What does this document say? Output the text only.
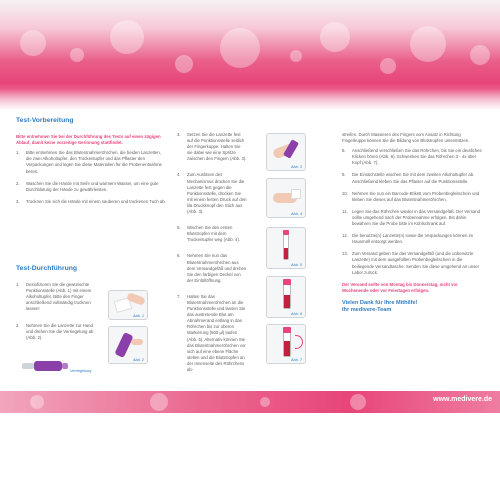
Test-Vorbereitung

Bitte entnehmen Sie bei der Durchführung des Tests auf einen zügigen Ablauf, damit keine vorzeitige Gerinnung stattfindet.

1. Bitte entnehmen Sie das Blutentnahmeröhrchen, die beiden Lanzetten, die zwei Alkoholtupfer, den Trockentupfer und das Pflaster den Verpackungen und legen Sie diese Materialien für die Probenentnahme bereit.
2. Waschen Sie die Hände mit Seife und warmem Wasser, um eine gute Durchblutung der Hände zu gewährleisten.
3. Trocknen Sie sich die Hände mit einem sauberen und trockenen Tuch ab.
Test-Durchführung
1. Desinfizieren Sie die gewünschte Punktionsstelle (Abb. 1) mit einem Alkoholtupfer. Bitte den Finger anschließend vollständig trocknen lassen!
2. Nehmen Sie die Lanzette zur Hand und drehen Sie die Verriegelung ab (Abb. 2).
Abb. 1
Abb. 2
Verriegelung
3. Setzen Sie die Lanzette fest auf die Punktionsstelle seitlich der Fingerkuppe. Halten Sie sie dabei wie eine Spritze zwischen den Fingern (Abb. 3).
4. Zum Auslösen des Mechanismus drücken Sie die Lanzette fest gegen die Punktionsstelle, drücken Sie mit einem festen Druck auf den lila Druckknopf den Stich aus (Abb. 3).
5. Wischen Sie den ersten Blutstropfen mit dem Trockentupfer weg (Abb. 4).
6. Nehmen Sie nun das Blutentnahmeröhrchen aus dem Versandgefäß und drehen Sie den farbigen Deckel von der Einfüllöffnung.
7. Halten Sie das Blutentnahmeröhrchen an die Punktionsstelle und lassen Sie das austretende Blut am Abnahmerand entlang in das Röhrchen bis zur oberen Markierung (500 µl) laufen (Abb. 5). Alternativ können Sie das Blutentnahmeröhrchen vor sich auf eine ebene Fläche stellen und die Blutstropfen an der Innenseite des Röhrchens ab-
Abb. 3
Abb. 4
Abb. 5
Abb. 6
Abb. 7

streifen. Durch Massieren des Fingers vom Ansatz in Richtung Fingerkuppe können Sie die Bildung von Blutstropfen unterstützen.

8. Anschließend verschließen Sie das Röhrchen, bis Sie ein deutliches Klicken hören (Abb. 6). Schwenken Sie das Röhrchen 3 - 4x über Kopf (Abb. 7).
9. Die Einstichstelle wischen Sie mit dem zweiten Alkoholtupfer ab. Anschließend kleben Sie das Pflaster auf die Punktionsstelle.
10. Nehmen Sie nun ein Barcode-Etikett vom Probenbegleitschein und kleben Sie dieses auf das Blutentnahmeröhrchen.
11. Legen Sie das Röhrchen wieder in das Versandgefäß. Der Versand sollte umgehend nach der Probennahme erfolgen. Bis dahin bewahren Sie die Probe bitte im Kühlschrank auf.
12. Die benutzte(n) Lanzette(n) sowie die Verpackungen können im Hausmüll entsorgt werden.
13. Zum Versand geben Sie das Versandgefäß (und die unbenutzte Lanzette) mit dem ausgefüllten Probenbegleitschein in die beiliegende Versandtasche. Senden Sie diese umgehend an unser Labor zurück.

Der Versand sollte von Montag bis Donnerstag, nicht vor Wochenende oder vor Feiertagen erfolgen.

Vielen Dank für Ihre Mithilfe!
Ihr medivere-Team
www.medivere.de
